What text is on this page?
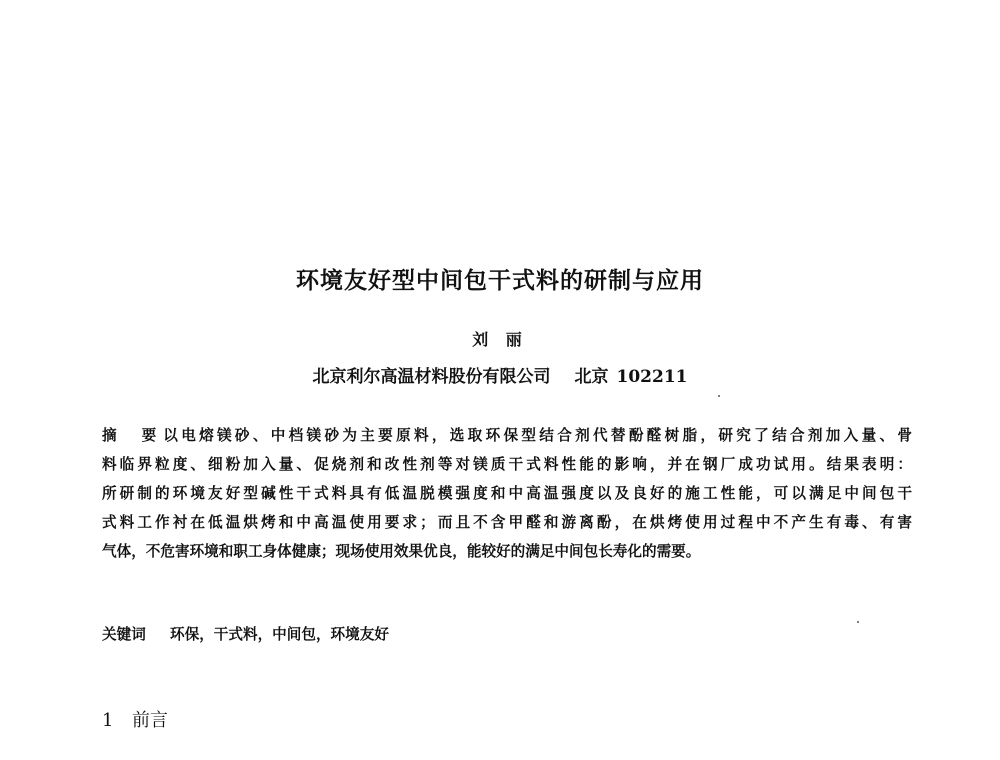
环境友好型中间包干式料的研制与应用
刘 丽
北京利尔高温材料股份有限公司 北京 102211
摘 要以电熔镁砂、中档镁砂为主要原料，选取环保型结合剂代替酚醛树脂，研究了结合剂加入量、骨
料临界粒度、细粉加入量、促烧剂和改性剂等对镁质干式料性能的影响，并在钢厂成功试用。结果表明：
所研制的环境友好型碱性干式料具有低温脱模强度和中高温强度以及良好的施工性能，可以满足中间包干
式料工作衬在低温烘烤和中高温使用要求；而且不含甲醛和游离酚，在烘烤使用过程中不产生有毒、有害
气体，不危害环境和职工身体健康；现场使用效果优良，能较好的满足中间包长寿化的需要。
关键词 环保，干式料，中间包，环境友好
1 前言
